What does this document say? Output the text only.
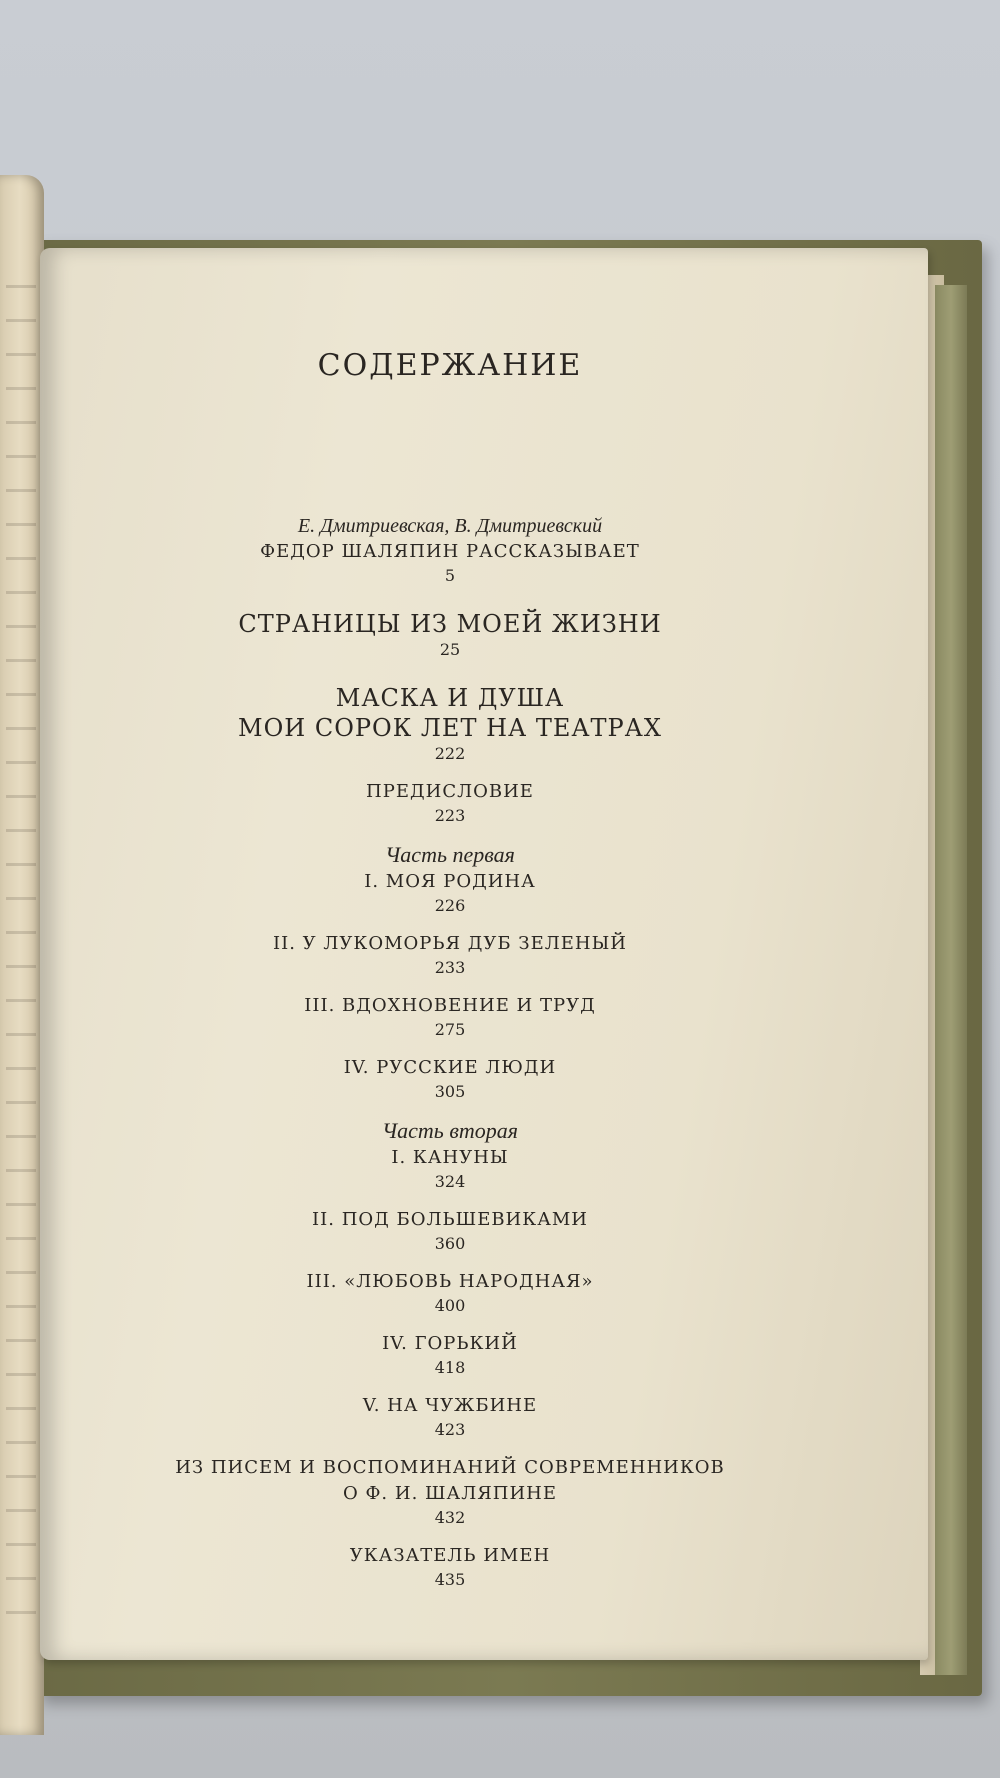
СОДЕРЖАНИЕ
Е. Дмитриевская, В. Дмитриевский
ФЕДОР ШАЛЯПИН РАССКАЗЫВАЕТ
5
СТРАНИЦЫ ИЗ МОЕЙ ЖИЗНИ
25
МАСКА И ДУША
МОИ СОРОК ЛЕТ НА ТЕАТРАХ
222
ПРЕДИСЛОВИЕ
223
Часть первая
I. МОЯ РОДИНА
226
II. У ЛУКОМОРЬЯ ДУБ ЗЕЛЕНЫЙ
233
III. ВДОХНОВЕНИЕ И ТРУД
275
IV. РУССКИЕ ЛЮДИ
305
Часть вторая
I. КАНУНЫ
324
II. ПОД БОЛЬШЕВИКАМИ
360
III. «ЛЮБОВЬ НАРОДНАЯ»
400
IV. ГОРЬКИЙ
418
V. НА ЧУЖБИНЕ
423
ИЗ ПИСЕМ И ВОСПОМИНАНИЙ СОВРЕМЕННИКОВ
О Ф. И. ШАЛЯПИНЕ
432
УКАЗАТЕЛЬ ИМЕН
435
